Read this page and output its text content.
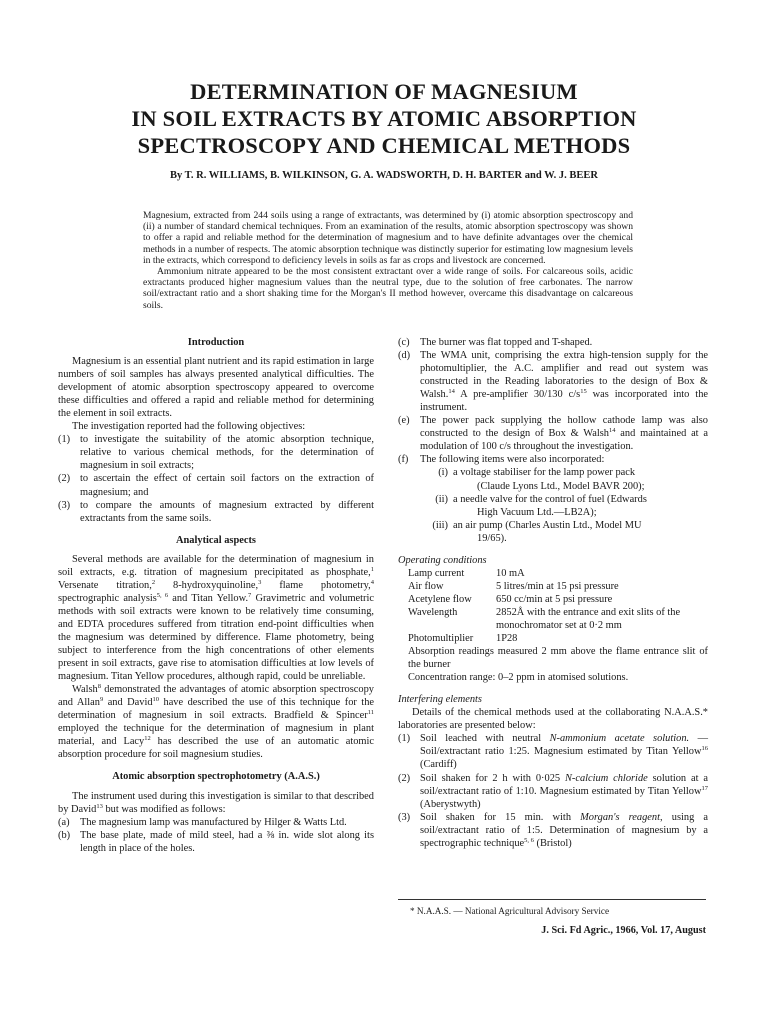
DETERMINATION OF MAGNESIUM
IN SOIL EXTRACTS BY ATOMIC ABSORPTION
SPECTROSCOPY AND CHEMICAL METHODS
By T. R. WILLIAMS, B. WILKINSON, G. A. WADSWORTH, D. H. BARTER and W. J. BEER

Magnesium, extracted from 244 soils using a range of extractants, was determined by (i) atomic absorption spectroscopy and (ii) a number of standard chemical techniques. From an examination of the results, atomic absorption spectroscopy was shown to offer a rapid and reliable method for the determination of magnesium and to have definite advantages over the chemical methods in a number of respects. The atomic absorption technique was distinctly superior for estimating low magnesium levels in the extracts, which correspond to deficiency levels in soils as far as crops and livestock are concerned.

Ammonium nitrate appeared to be the most consistent extractant over a wide range of soils. For calcareous soils, acidic extractants produced higher magnesium values than the neutral type, due to the solution of free carbonates. The narrow soil/extractant ratio and a short shaking time for the Morgan's II method however, overcame this disadvantage on calcareous soils.

Introduction

Magnesium is an essential plant nutrient and its rapid estimation in large numbers of soil samples has always presented analytical difficulties. The development of atomic absorption spectroscopy appeared to overcome these difficulties and offered a rapid and reliable method for determining the element in soil extracts.

The investigation reported had the following objectives:

(1) to investigate the suitability of the atomic absorption technique, relative to various chemical methods, for the determination of magnesium in soil extracts;
(2) to ascertain the effect of certain soil factors on the extraction of magnesium; and
(3) to compare the amounts of magnesium extracted by different extractants from the same soils.
Analytical aspects

Several methods are available for the determination of magnesium in soil extracts, e.g. titration of magnesium precipitated as phosphate,$^1$ Versenate titration,$^2$ 8-hydroxyquinoline,$^3$ flame photometry,$^4$ spectrographic analysis$^{5, 6}$ and Titan Yellow.$^7$ Gravimetric and volumetric methods with soil extracts were known to be relatively time consuming, and EDTA procedures suffered from titration end-point difficulties when the magnesium was determined by difference. Flame photometry, being subject to interference from the high concentrations of other elements present in soil extracts, gave rise to atomisation difficulties at low levels of magnesium. Titan Yellow procedures, although rapid, could be unreliable.

Walsh$^8$ demonstrated the advantages of atomic absorption spectroscopy and Allan$^9$ and David$^{10}$ have described the use of this technique for the determination of magnesium in soil extracts. Bradfield & Spincer$^{11}$ employed the technique for the determination of magnesium in plant material, and Lacy$^{12}$ has described the use of an automatic atomic absorption procedure for soil magnesium studies.

Atomic absorption spectrophotometry (A.A.S.)

The instrument used during this investigation is similar to that described by David$^{13}$ but was modified as follows:

(a)	The magnesium lamp was manufactured by Hilger & Watts Ltd.
(b) The base plate, made of mild steel, had a ⅜ in. wide slot along its length in place of the holes.
(c)	The burner was flat topped and T-shaped.
(d) The WMA unit, comprising the extra high-tension supply for the photomultiplier, the A.C. amplifier and read out system was constructed in the Reading laboratories to the design of Box & Walsh.$^{14}$ A pre-amplifier 30/130 $c/s^{15}$ was incorporated into the instrument.
(e)	The power pack supplying the hollow cathode lamp was also constructed to the design of Box & Walsh$^{14}$ and maintained at a modulation of 100 c/s throughout the investigation.
(f)	The following items were also incorporated:
(i) a voltage stabiliser for the lamp power pack
(Claude Lyons Ltd., Model BAVR 200);
(ii) a needle valve for the control of fuel (Edwards
High Vacuum Ltd.—LB2A);
(iii) an air pump (Charles Austin Ltd., Model MU
19/65).

Operating conditions

Lamp current	10 mA
Air flow	5 litres/min at 15 psi pressure
Acetylene flow	650 cc/min at 5 psi pressure
Wavelength	2852Å with the entrance and exit slits of the monochromator set at 0·2 mm
Photomultiplier	1P28

Absorption readings measured 2 mm above the flame entrance slit of the burner

Concentration range: 0–2 ppm in atomised solutions.

Interfering elements

Details of the chemical methods used at the collaborating N.A.A.S.* laboratories are presented below:

(1) Soil leached with neutral N-ammonium acetate solution. —Soil/extractant ratio 1:25. Magnesium estimated by Titan Yellow$^{16}$ (Cardiff)
(2) Soil shaken for 2 h with 0·025 N-calcium chloride solution at a soil/extractant ratio of 1:10. Magnesium estimated by Titan Yellow$^{17}$ (Aberystwyth)
(3) Soil shaken for 15 min. with Morgan's reagent, using a soil/extractant ratio of 1:5. Determination of magnesium by a spectrographic technique$^{5, 6}$ (Bristol)
* N.A.A.S. — National Agricultural Advisory Service
J. Sci. Fd Agric., 1966, Vol. 17, August
